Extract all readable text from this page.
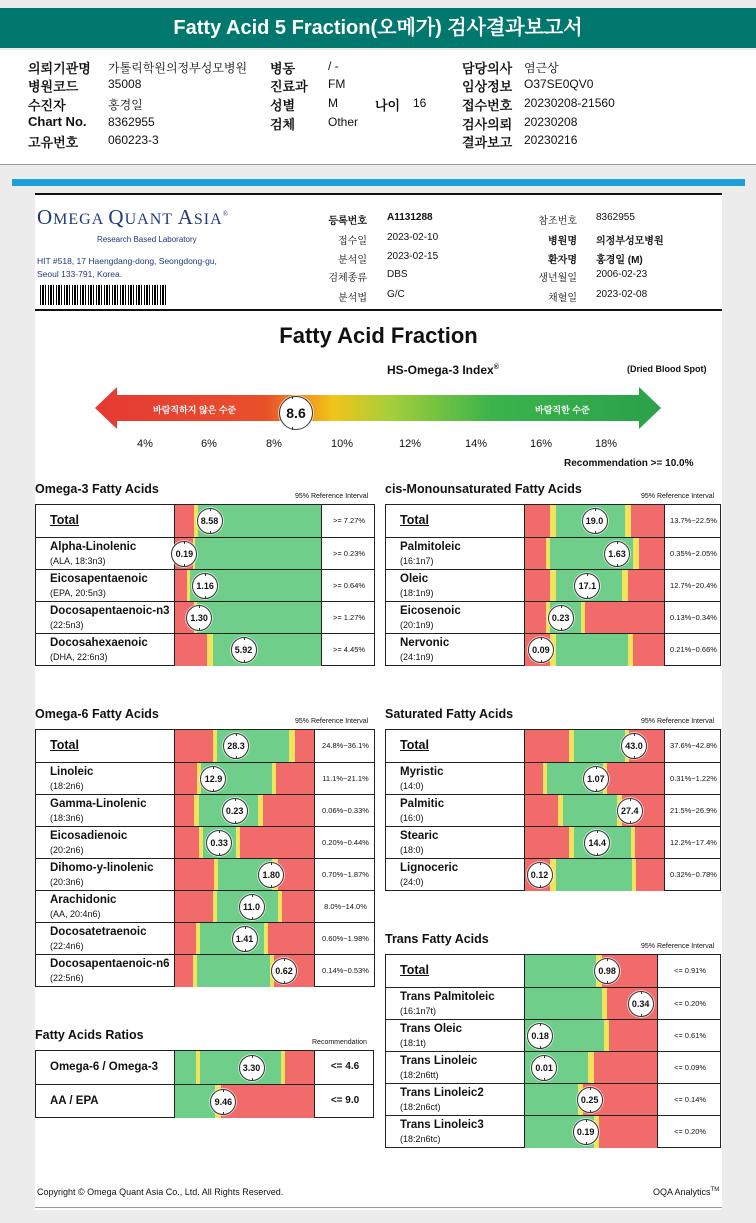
Fatty Acid 5 Fraction(오메가) 검사결과보고서
의뢰기관명 가톨릭학원의정부성모병원
병원코드 35008
수진자	홍경일
Chart No. 8362955
고유번호 060223-3
병동	/ -
진료과 FM
성별	M
검체	Other
담당의사 염근상
임상정보 O37SE0QV0
접수번호 20230208-21560
검사의뢰 20230208
결과보고 20230216
나이 16
OMEGA QUANT ASIA®
Research Based Laboratory
HIT #518, 17 Haengdang-dong, Seongdong-gu,
Seoul 133-791, Korea.
등록번호 A1131288
접수일 2023-02-10
분석일 2023-02-15
검체종류 DBS
분석법 G/C
참조번호 8362955
병원명 의정부성모병원
환자명 홍경일 (M)
생년월일 2006-02-23
채혈일 2023-02-08
Fatty Acid Fraction
HS-Omega-3 Index®	(Dried Blood Spot)
바람직하지 않은 수준	바람직한 수준
8.6
4%	6%	8%	10%	12%	14%	16%	18%
Recommendation >= 10.0%
Omega-3 Fatty Acids
95% Reference Interval
Total	8.58	>= 7.27%
Alpha-Linolenic
(ALA, 18:3n3)
0.19	>= 0.23%
Eicosapentaenoic
(EPA, 20:5n3)
1.16	>= 0.64%
Docosapentaenoic-n3
(22:5n3)
1.30	>= 1.27%
Docosahexaenoic
(DHA, 22:6n3)
5.92	>= 4.45%
cis-Monounsaturated Fatty Acids
95% Reference Interval
Total	19.0	13.7%~22.5%
Palmitoleic
(16:1n7)
1.63	0.35%~2.05%
Oleic
(18:1n9)
17.1	12.7%~20.4%
Eicosenoic
(20:1n9)
0.23	0.13%~0.34%
Nervonic
(24:1n9)
0.09	0.21%~0.66%
Omega-6 Fatty Acids
95% Reference Interval
Total	28.3	24.8%~36.1%
Linoleic
(18:2n6)
12.9	11.1%~21.1%
Gamma-Linolenic
(18:3n6)
0.23	0.06%~0.33%
Eicosadienoic
(20:2n6)
0.33	0.20%~0.44%
Dihomo-y-linolenic
(20:3n6)
1.80	0.70%~1.87%
Arachidonic
(AA, 20:4n6)
11.0	8.0%~14.0%
Docosatetraenoic
(22:4n6)
1.41	0.60%~1.98%
Docosapentaenoic-n6
(22:5n6)
0.62	0.14%~0.53%
Saturated Fatty Acids
95% Reference Interval
Total	43.0	37.6%~42.8%
Myristic
(14:0)
1.07	0.31%~1.22%
Palmitic
(16:0)
27.4	21.5%~26.9%
Stearic
(18:0)
14.4	12.2%~17.4%
Lignoceric
(24:0)
0.12	0.32%~0.78%
Trans Fatty Acids
95% Reference Interval
Total	0.98	<= 0.91%
Trans Palmitoleic
(16:1n7t)
0.34	<= 0.20%
Trans Oleic
(18:1t)
0.18	<= 0.61%
Trans Linoleic
(18:2n6tt)
0.01	<= 0.09%
Trans Linoleic2
(18:2n6ct)
0.25	<= 0.14%
Trans Linoleic3
(18:2n6tc)
0.19	<= 0.20%
Fatty Acids Ratios
Recommendation
Omega-6 / Omega-3	3.30	<= 4.6
AA / EPA	9.46	<= 9.0
Copyright © Omega Quant Asia Co., Ltd. All Rights Reserved.	OQA Analytics™
